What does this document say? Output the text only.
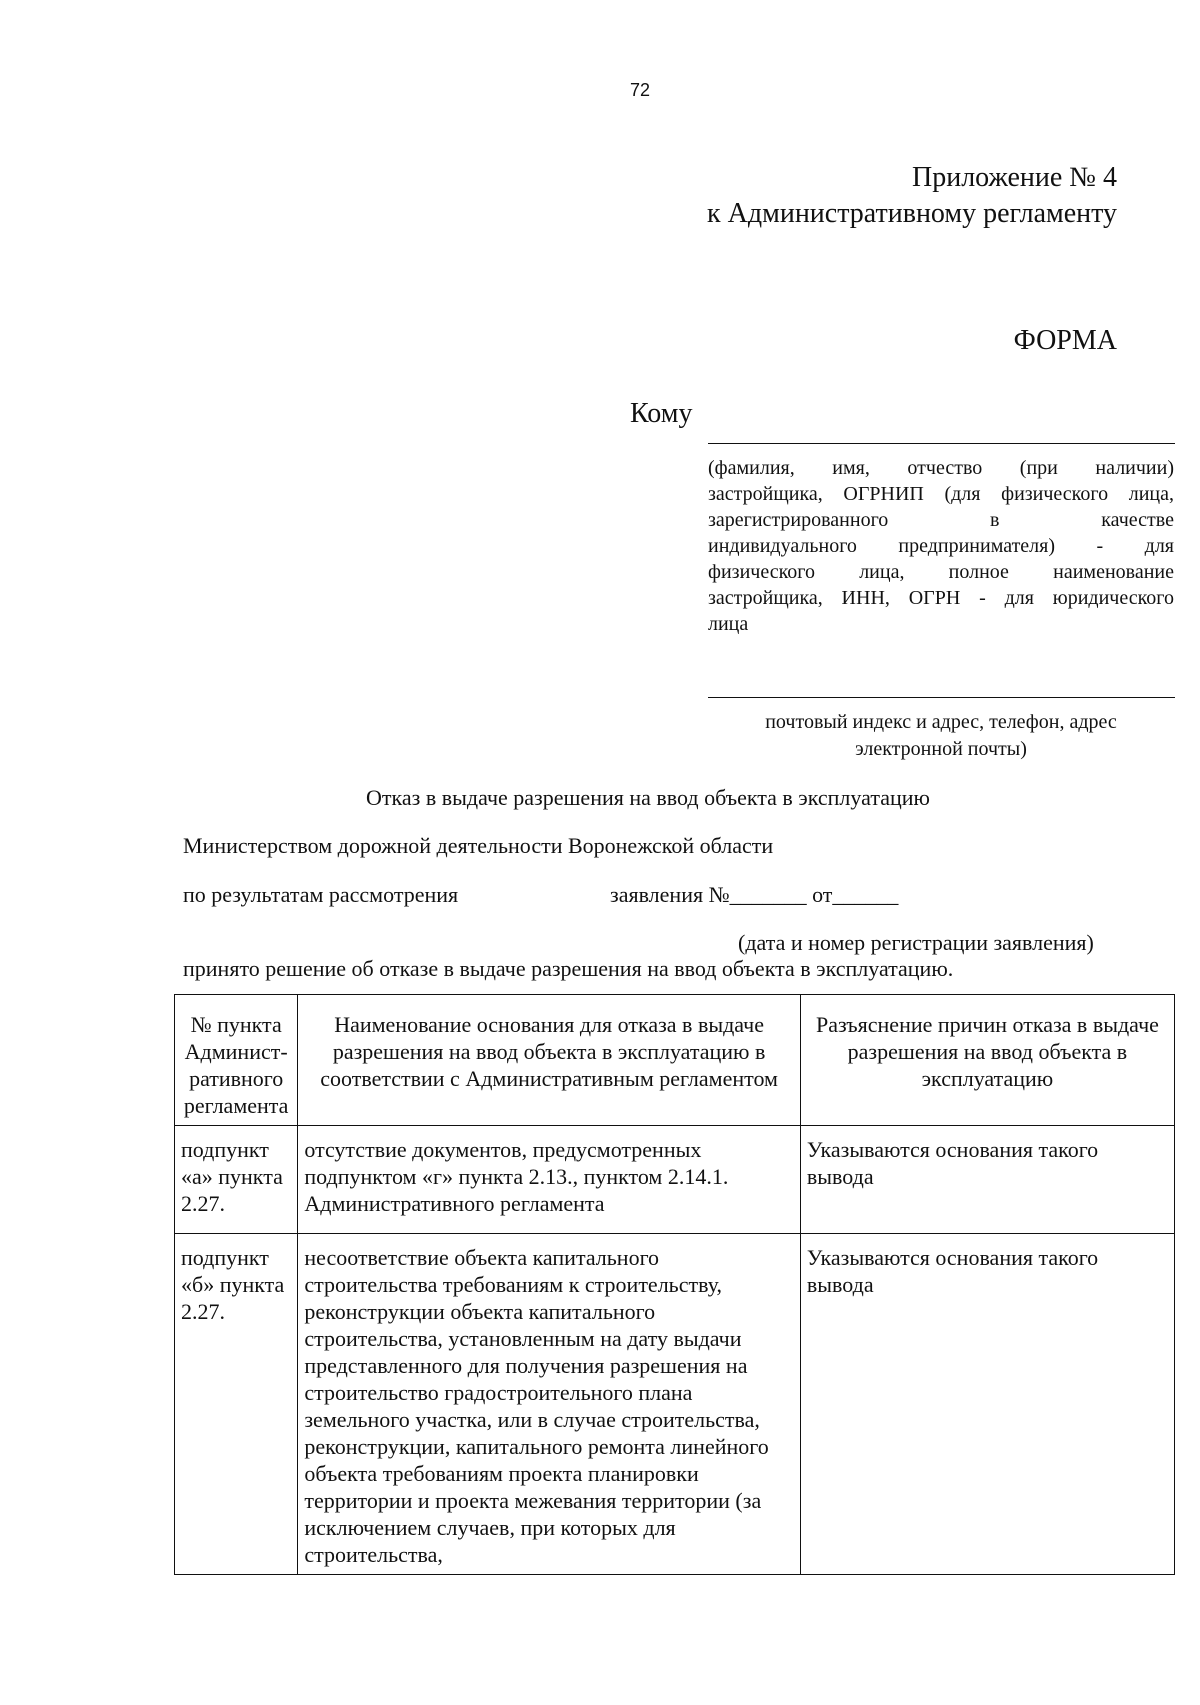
72
Приложение № 4
к Административному регламенту
ФОРМА
Кому
(фамилия, имя, отчество (при наличии)
застройщика, ОГРНИП (для физического лица,
зарегистрированного в качестве
индивидуального предпринимателя) - для
физического лица, полное наименование
застройщика, ИНН, ОГРН - для юридического
лица
почтовый индекс и адрес, телефон, адрес
электронной почты)
Отказ в выдаче разрешения на ввод объекта в эксплуатацию
Министерством дорожной деятельности Воронежской области
по результатам рассмотрения	заявления №_______ от______
(дата и номер регистрации заявления)
принято решение об отказе в выдаче разрешения на ввод объекта в эксплуатацию.
№ пункта Админист-ративного регламента	Наименование основания для отказа в выдаче разрешения на ввод объекта в эксплуатацию в соответствии с Административным регламентом	Разъяснение причин отказа в выдаче разрешения на ввод объекта в эксплуатацию
подпункт «а» пункта 2.27.	отсутствие документов, предусмотренных подпунктом «г» пункта 2.13., пунктом 2.14.1. Административного регламента	Указываются основания такого вывода
подпункт «б» пункта 2.27.	несоответствие объекта капитального строительства требованиям к строительству, реконструкции объекта капитального строительства, установленным на дату выдачи представленного для получения разрешения на строительство градостроительного плана земельного участка, или в случае строительства, реконструкции, капитального ремонта линейного объекта требованиям проекта планировки территории и проекта межевания территории (за исключением случаев, при которых для строительства,	Указываются основания такого вывода
